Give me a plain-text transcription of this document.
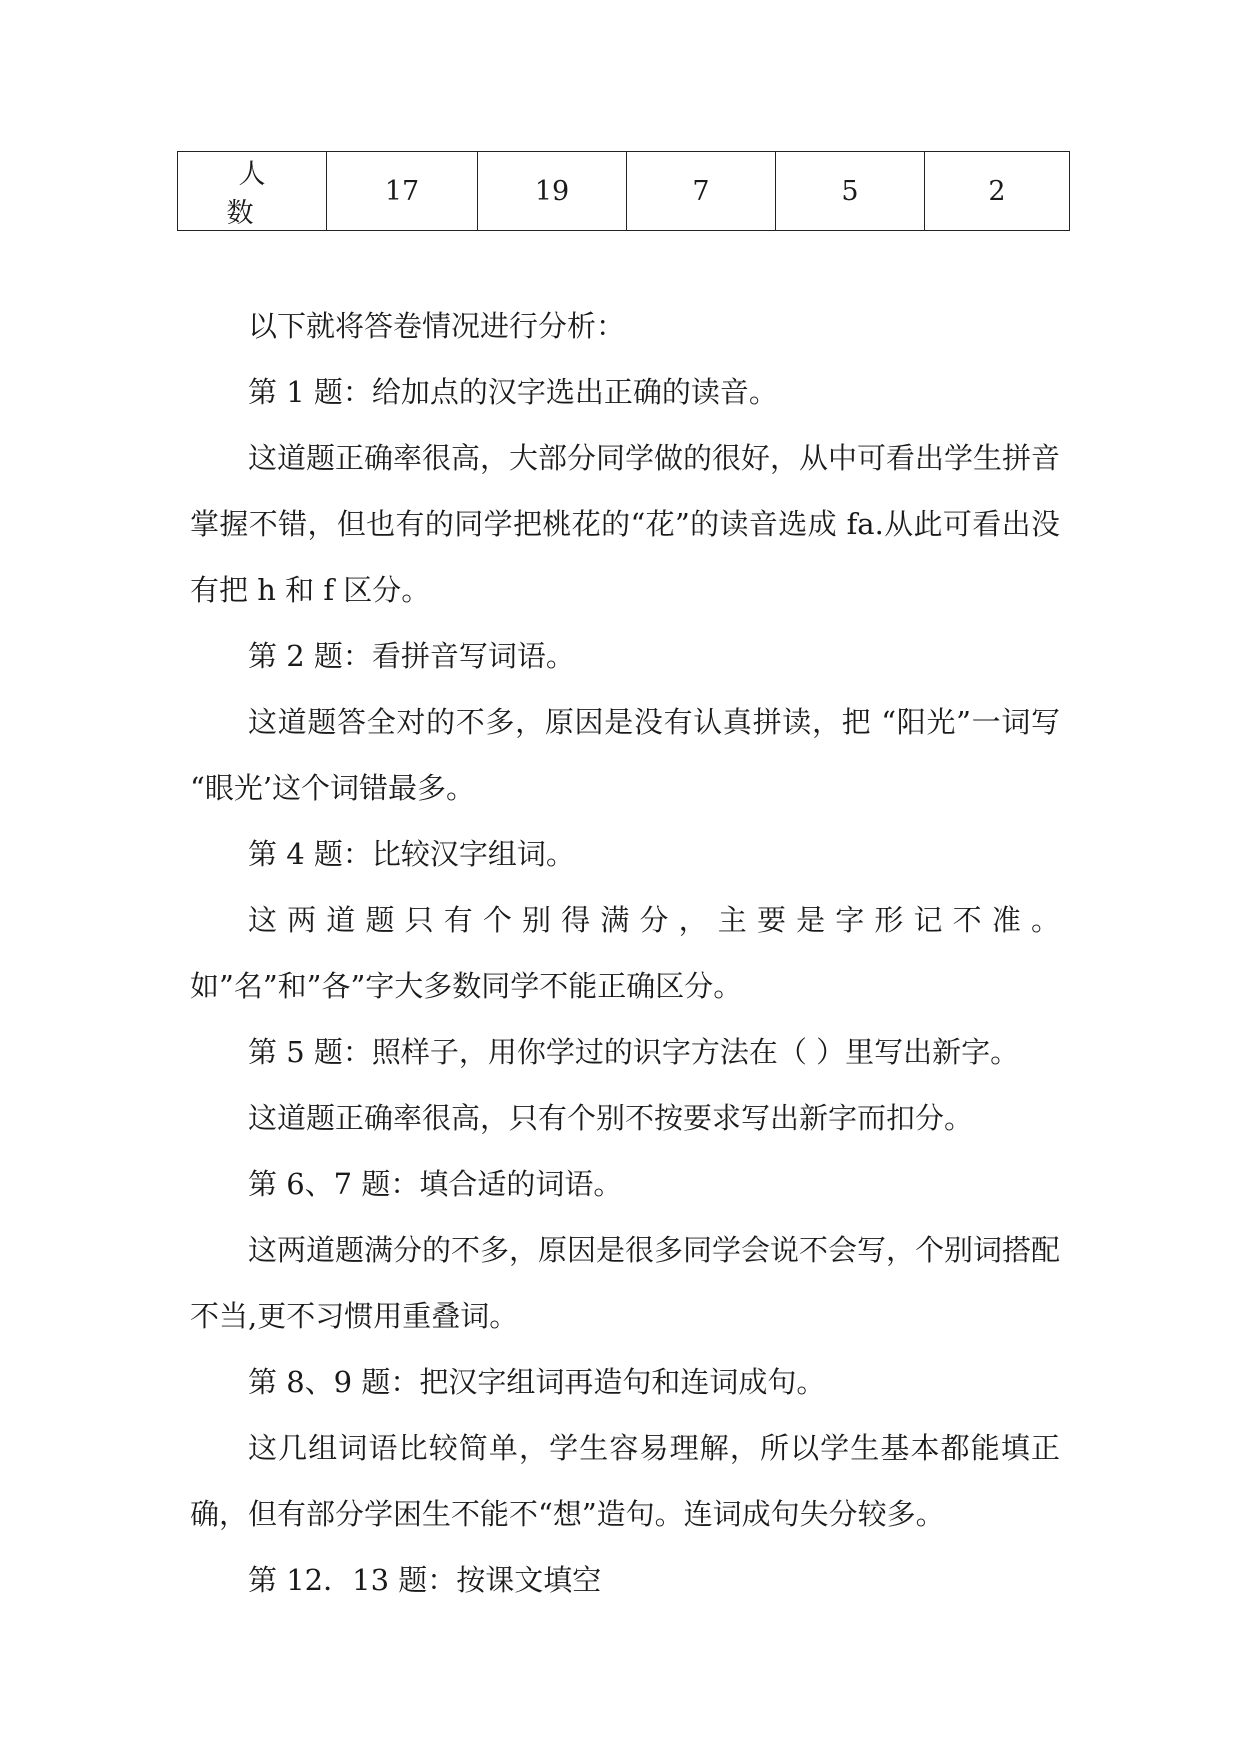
人 数	17	19	7	5	2

以下就将答卷情况进行分析：

第 1 题：给加点的汉字选出正确的读音。

这道题正确率很高，大部分同学做的很好，从中可看出学生拼音掌握不错，但也有的同学把桃花的“花”的读音选成 fa.从此可看出没有把 h 和 f 区分。

第 2 题：看拼音写词语。

这道题答全对的不多，原因是没有认真拼读，把 “阳光”一词写 “眼光’这个词错最多。

第 4 题：比较汉字组词。

这两道题只有个别得满分，主要是字形记不准。如”名”和”各”字大多数同学不能正确区分。

第 5 题：照样子，用你学过的识字方法在（ ）里写出新字。

这道题正确率很高，只有个别不按要求写出新字而扣分。

第 6、7 题：填合适的词语。

这两道题满分的不多，原因是很多同学会说不会写，个别词搭配不当,更不习惯用重叠词。

第 8、9 题：把汉字组词再造句和连词成句。

这几组词语比较简单，学生容易理解，所以学生基本都能填正确，但有部分学困生不能不“想”造句。连词成句失分较多。

第 12．13 题：按课文填空
